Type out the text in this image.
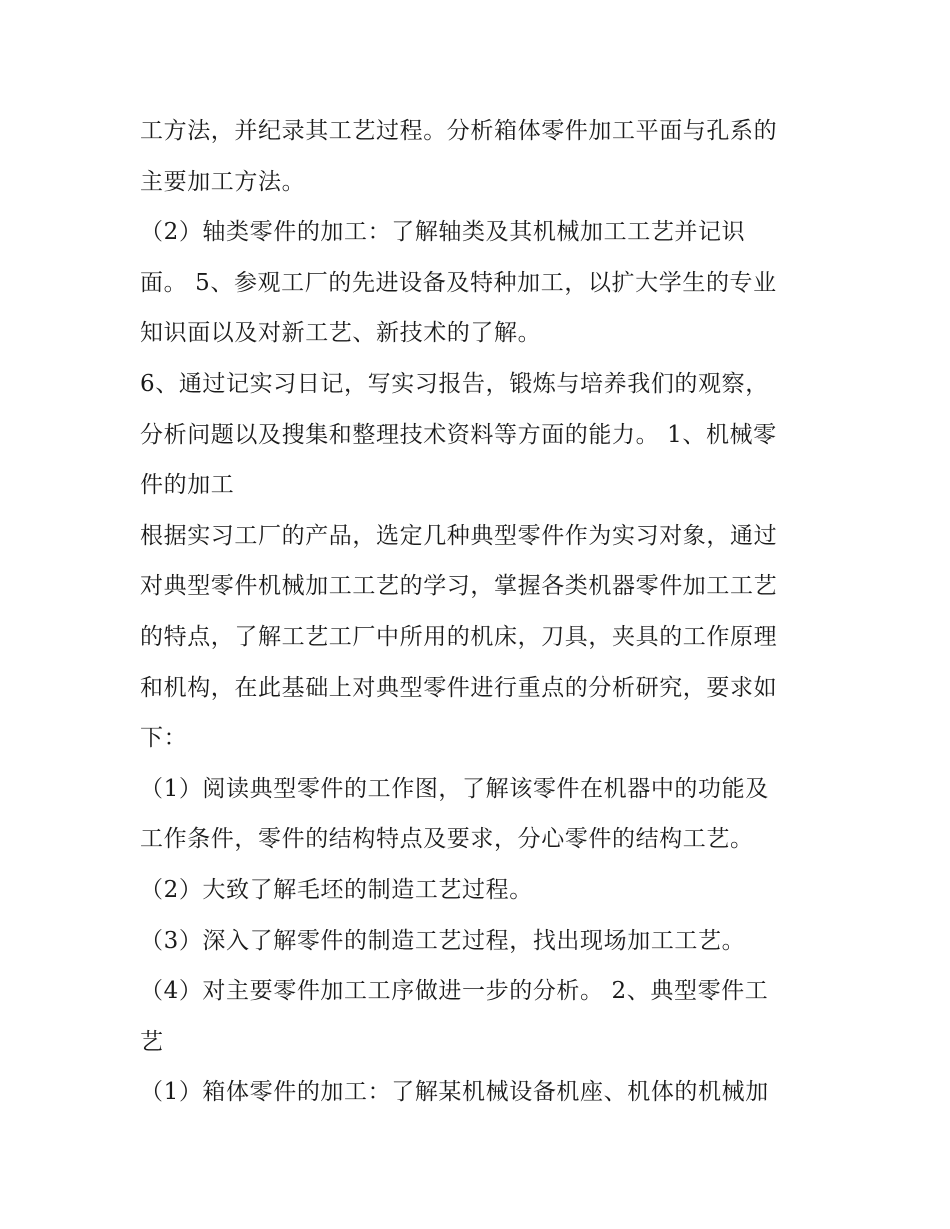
工方法，并纪录其工艺过程。分析箱体零件加工平面与孔系的
主要加工方法。
（2）轴类零件的加工：了解轴类及其机械加工工艺并记识
面。 5、参观工厂的先进设备及特种加工，以扩大学生的专业
知识面以及对新工艺、新技术的了解。
6、通过记实习日记，写实习报告，锻炼与培养我们的观察，
分析问题以及搜集和整理技术资料等方面的能力。 1、机械零
件的加工
根据实习工厂的产品，选定几种典型零件作为实习对象，通过
对典型零件机械加工工艺的学习，掌握各类机器零件加工工艺
的特点，了解工艺工厂中所用的机床，刀具，夹具的工作原理
和机构，在此基础上对典型零件进行重点的分析研究，要求如
下：
（1）阅读典型零件的工作图，了解该零件在机器中的功能及
工作条件，零件的结构特点及要求，分心零件的结构工艺。
（2）大致了解毛坯的制造工艺过程。
（3）深入了解零件的制造工艺过程，找出现场加工工艺。
（4）对主要零件加工工序做进一步的分析。 2、典型零件工
艺
（1）箱体零件的加工：了解某机械设备机座、机体的机械加
